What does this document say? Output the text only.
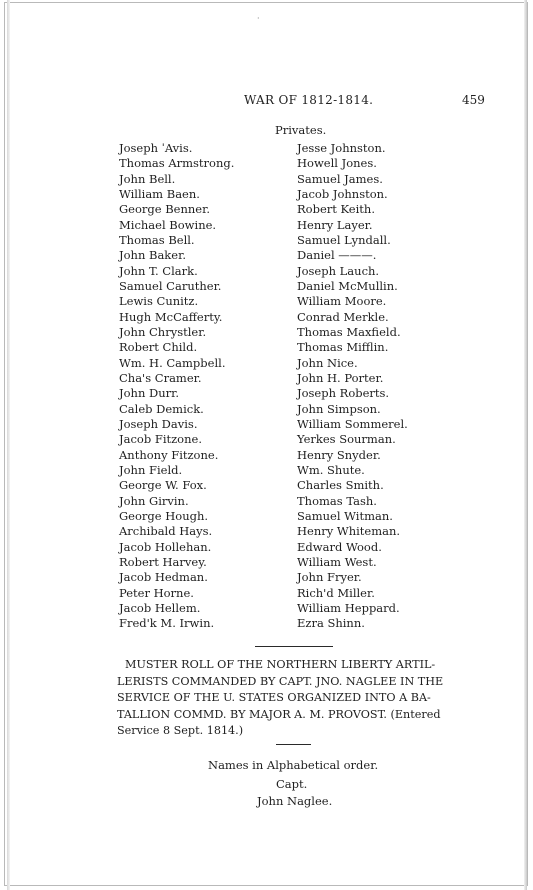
·
WAR OF 1812-1814.	459
Privates.
Joseph ˈAvis.
Thomas Armstrong.
John Bell.
William Baen.
George Benner.
Michael Bowine.
Thomas Bell.
John Baker.
John T. Clark.
Samuel Caruther.
Lewis Cunitz.
Hugh McCafferty.
John Chrystler.
Robert Child.
Wm. H. Campbell.
Cha's Cramer.
John Durr.
Caleb Demick.
Joseph Davis.
Jacob Fitzone.
Anthony Fitzone.
John Field.
George W. Fox.
John Girvin.
George Hough.
Archibald Hays.
Jacob Hollehan.
Robert Harvey.
Jacob Hedman.
Peter Horne.
Jacob Hellem.
Fred'k M. Irwin.
Jesse Johnston.
Howell Jones.
Samuel James.
Jacob Johnston.
Robert Keith.
Henry Layer.
Samuel Lyndall.
Daniel ———.
Joseph Lauch.
Daniel McMullin.
William Moore.
Conrad Merkle.
Thomas Maxfield.
Thomas Mifflin.
John Nice.
John H. Porter.
Joseph Roberts.
John Simpson.
William Sommerel.
Yerkes Sourman.
Henry Snyder.
Wm. Shute.
Charles Smith.
Thomas Tash.
Samuel Witman.
Henry Whiteman.
Edward Wood.
William West.
John Fryer.
Rich'd Miller.
William Heppard.
Ezra Shinn.
MUSTER ROLL OF THE NORTHERN LIBERTY ARTIL-
LERISTS COMMANDED BY CAPT. JNO. NAGLEE IN THE
SERVICE OF THE U. STATES ORGANIZED INTO A BA-
TALLION COMMD. BY MAJOR A. M. PROVOST. (Entered
Service 8 Sept. 1814.)
Names in Alphabetical order.
Capt.
John Naglee.
